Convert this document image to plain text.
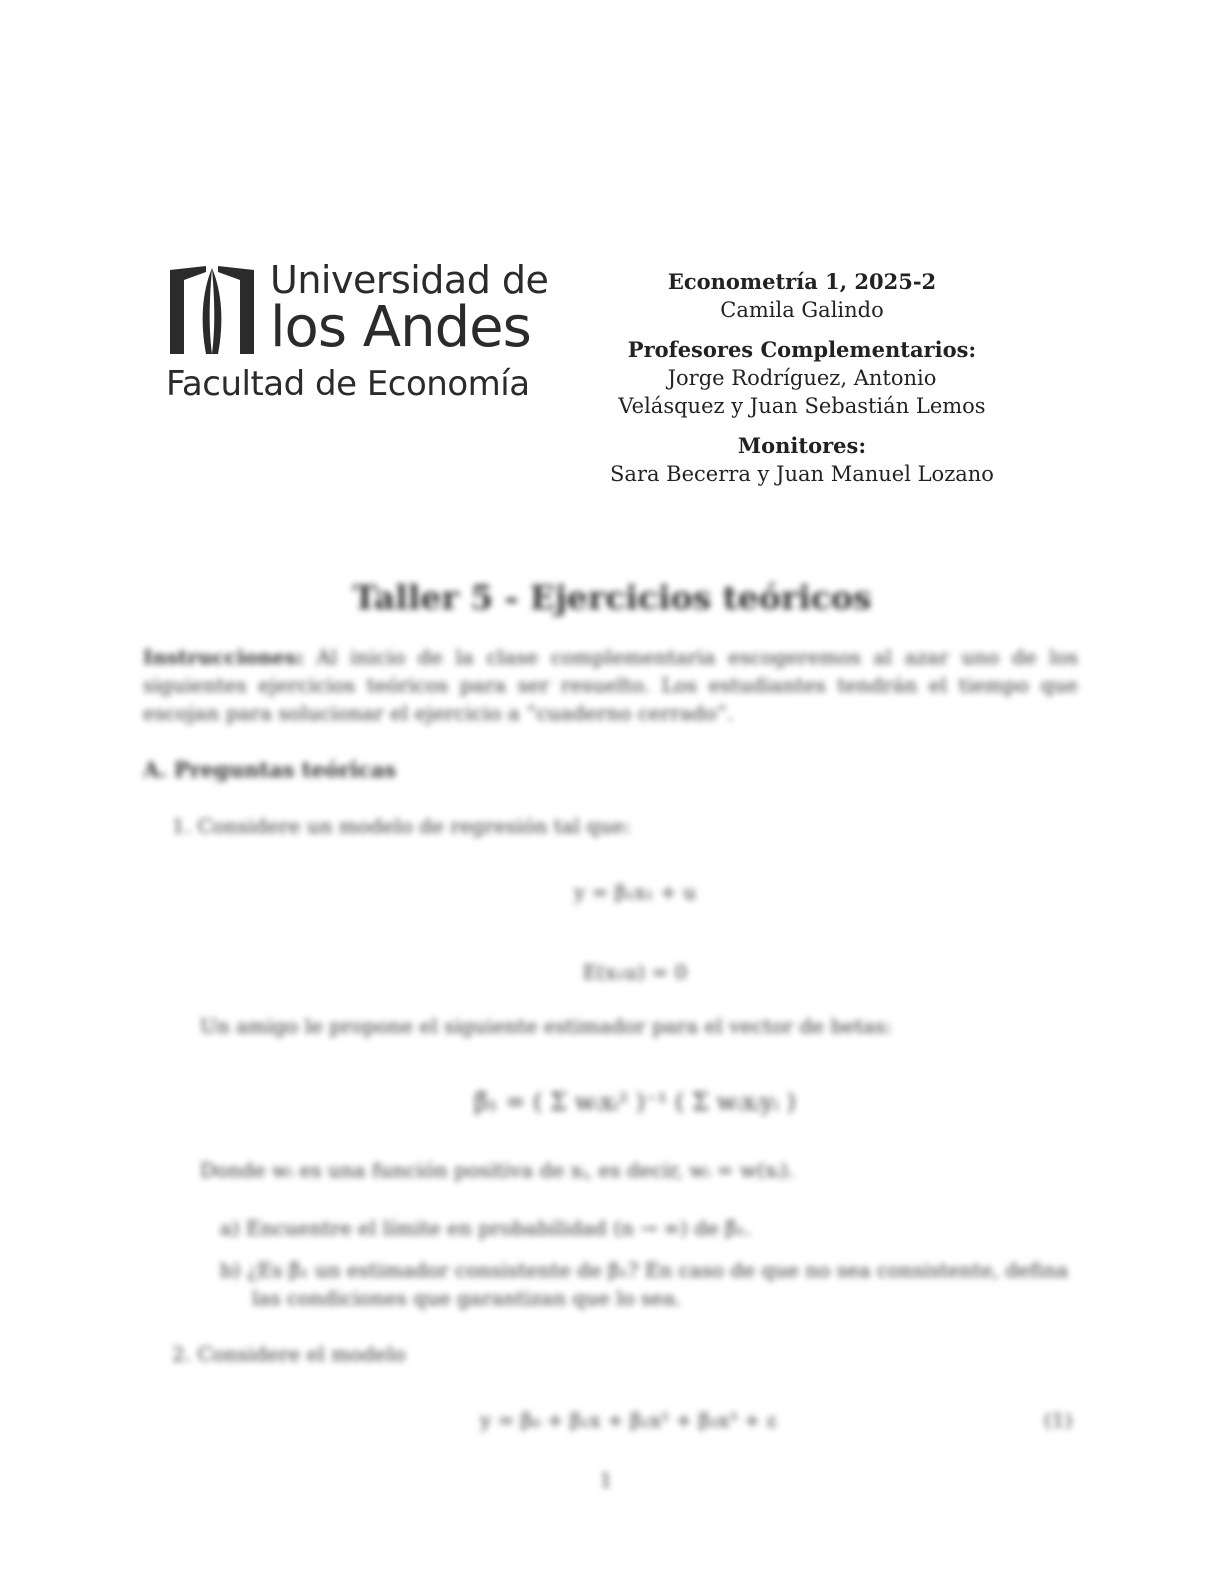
Universidad de
los Andes
Facultad de Economía
Econometría 1, 2025-2
Camila Galindo
Profesores Complementarios:
Jorge Rodríguez, Antonio
Velásquez y Juan Sebastián Lemos
Monitores:
Sara Becerra y Juan Manuel Lozano
Taller 5 - Ejercicios teóricos
Instrucciones: Al inicio de la clase complementaria escogeremos al azar uno de los siguientes ejercicios teóricos para ser resuelto. Los estudiantes tendrán el tiempo que escojan para solucionar el ejercicio a “cuaderno cerrado”.
A. Preguntas teóricas
1. Considere un modelo de regresión tal que:
y = β₁x₁ + u
E(x₁u) = 0
Un amigo le propone el siguiente estimador para el vector de betas:
β̃₁ = ( Σ wᵢxᵢ² )⁻¹ ( Σ wᵢxᵢyᵢ )
Donde wᵢ es una función positiva de xᵢ, es decir, wᵢ = w(xᵢ).
a) Encuentre el límite en probabilidad (n → ∞) de β̃₁.
b) ¿Es β̃₁ un estimador consistente de β₁? En caso de que no sea consistente, defina
las condiciones que garantizan que lo sea.
2. Considere el modelo
y = β₀ + β₁x + β₂x² + β₃x³ + ε	(1)
1
